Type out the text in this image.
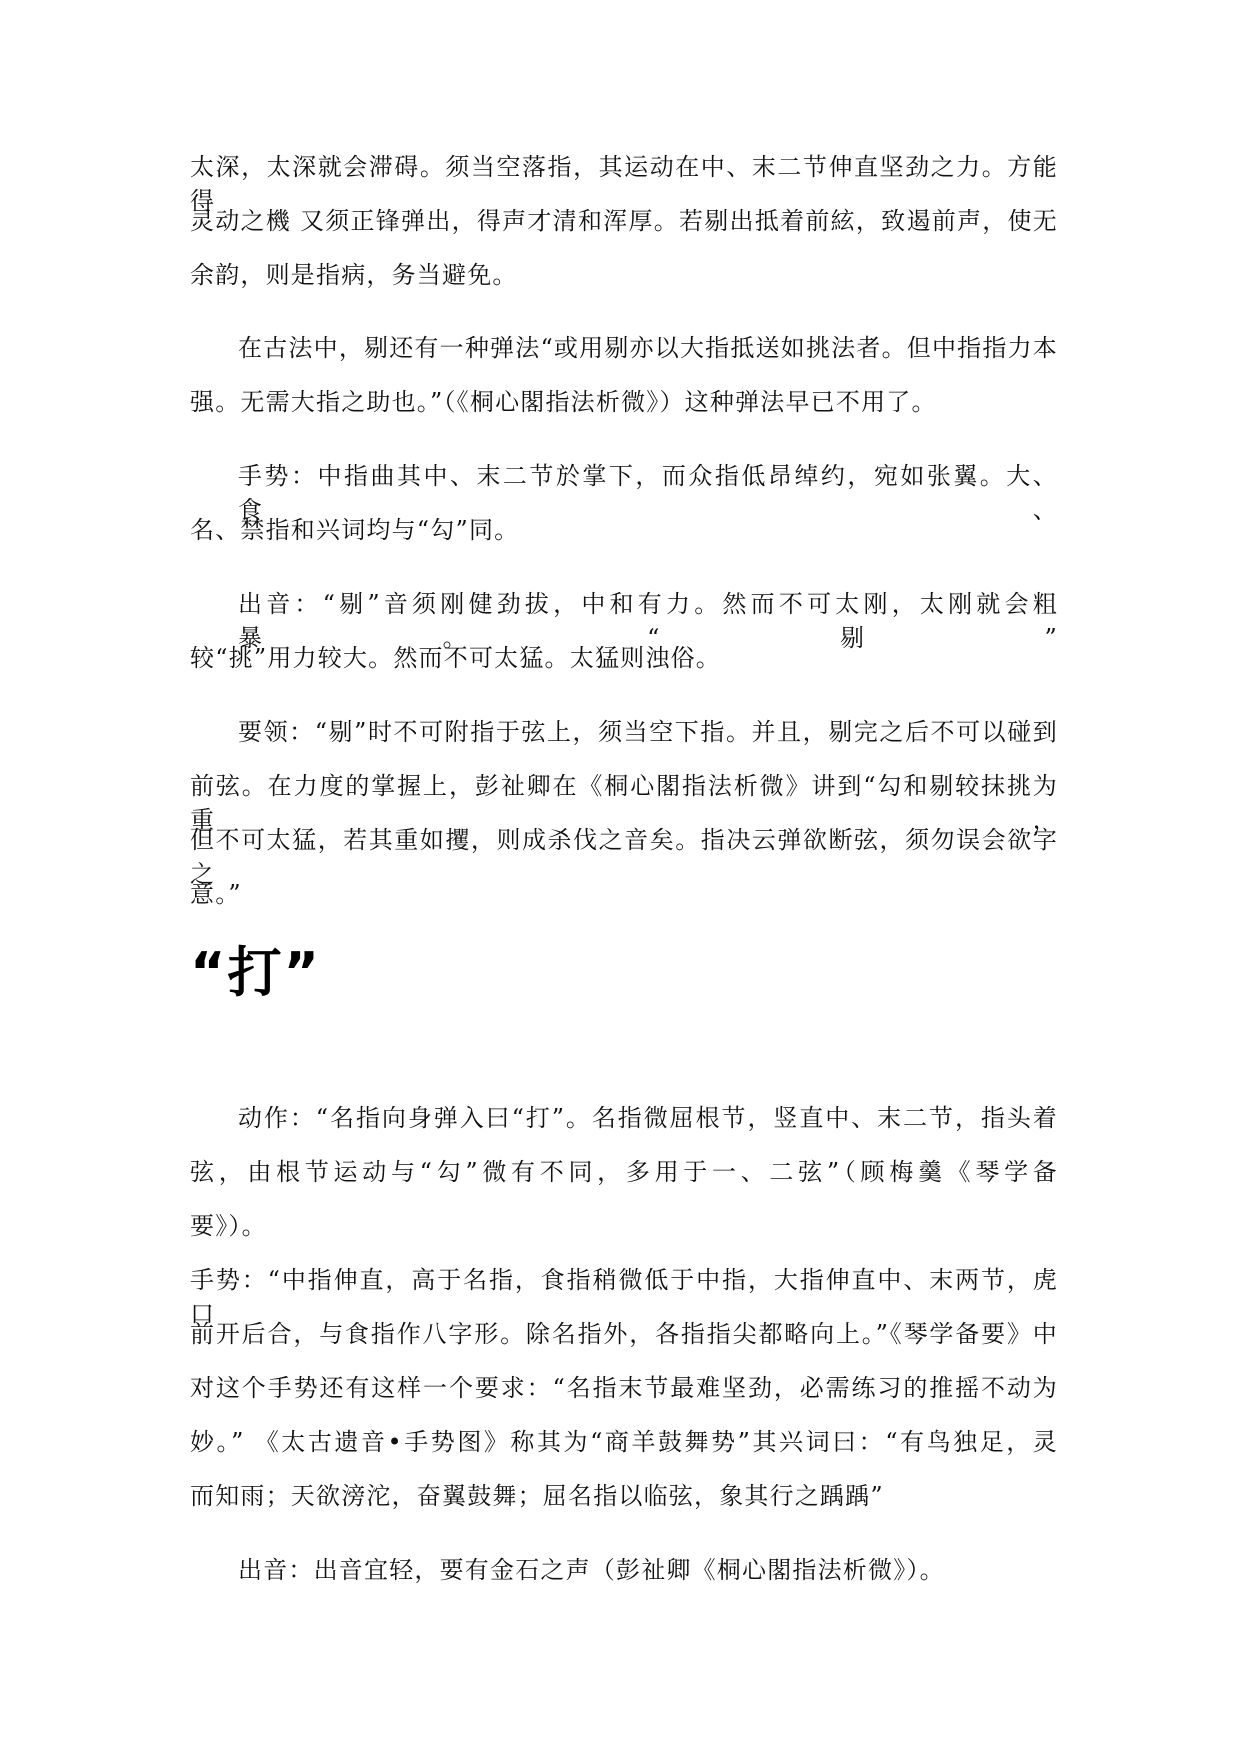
太深，太深就会滞碍。须当空落指，其运动在中、末二节伸直坚劲之力。方能得
灵动之機 又须正锋弹出，得声才清和浑厚。若剔出抵着前絃，致遏前声，使无
余韵，则是指病，务当避免。
在古法中，剔还有一种弹法“或用剔亦以大指抵送如挑法者。但中指指力本
强。无需大指之助也。”（《桐心閣指法析微》）这种弹法早已不用了。
手势：中指曲其中、末二节於掌下，而众指低昂绰约，宛如张翼。大、食、
名、禁指和兴词均与“勾”同。
出音：“剔”音须刚健劲拔，中和有力。然而不可太刚，太刚就会粗暴。“剔”
较“挑”用力较大。然而不可太猛。太猛则浊俗。
要领：“剔”时不可附指于弦上，须当空下指。并且，剔完之后不可以碰到
前弦。在力度的掌握上，彭祉卿在《桐心閣指法析微》讲到“勾和剔较抹挑为重，
但不可太猛，若其重如攫，则成杀伐之音矣。指决云弹欲断弦，须勿误会欲字之
意。”
“打”
动作：“名指向身弹入曰“打”。名指微屈根节，竖直中、末二节，指头着
弦，由根节运动与“勾”微有不同，多用于一、二弦”（顾梅羹《琴学备
要》）。
手势：“中指伸直，高于名指，食指稍微低于中指，大指伸直中、末两节，虎口
前开后合，与食指作八字形。除名指外，各指指尖都略向上。”《琴学备要》中
对这个手势还有这样一个要求：“名指末节最难坚劲，必需练习的推摇不动为
妙。” 《太古遗音•手势图》称其为“商羊鼓舞势”其兴词曰：“有鸟独足，灵
而知雨；天欲滂沱，奋翼鼓舞；屈名指以临弦，象其行之踽踽”
出音：出音宜轻，要有金石之声（彭祉卿《桐心閣指法析微》）。
